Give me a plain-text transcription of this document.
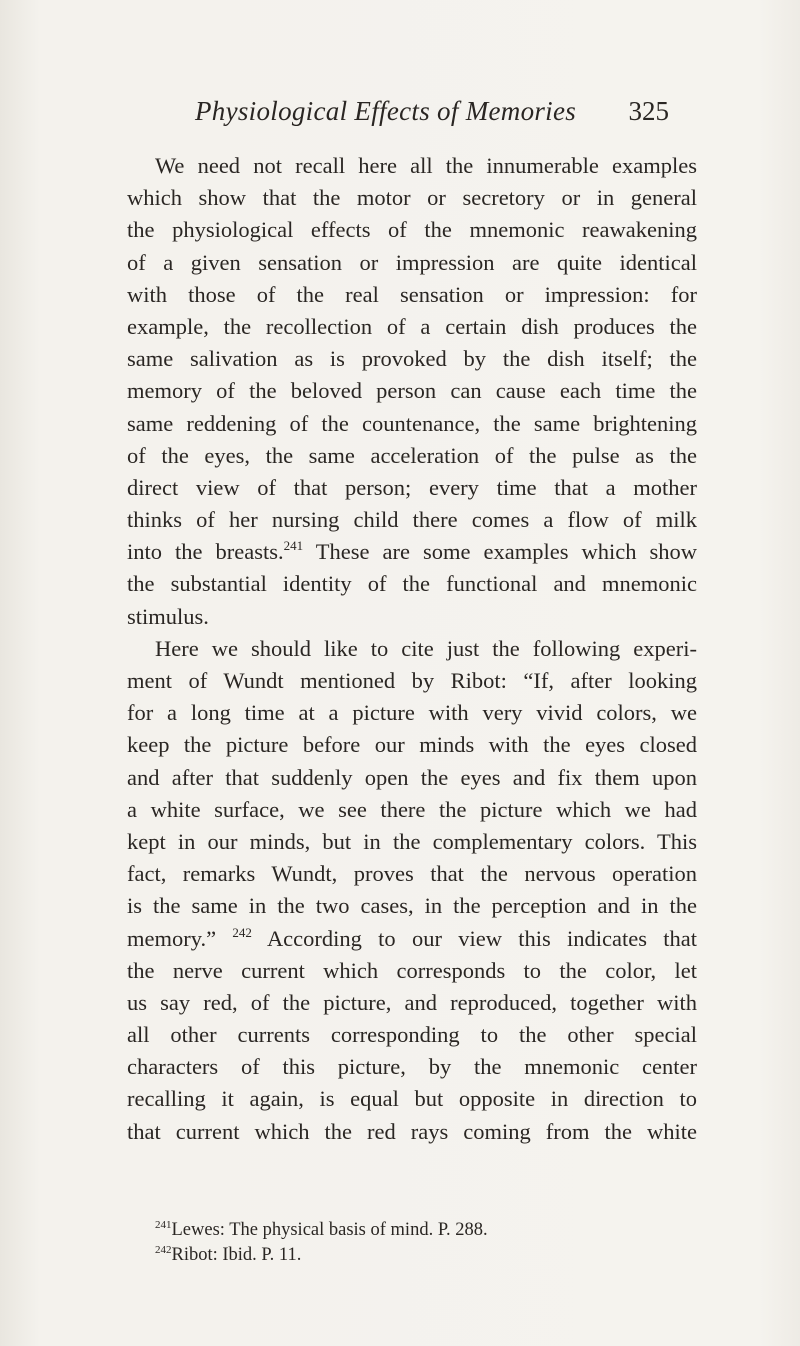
Physiological Effects of Memories 325
We need not recall here all the innumerable examples
which show that the motor or secretory or in general
the physiological effects of the mnemonic reawakening
of a given sensation or impression are quite identical
with those of the real sensation or impression: for
example, the recollection of a certain dish produces the
same salivation as is provoked by the dish itself; the
memory of the beloved person can cause each time the
same reddening of the countenance, the same brightening
of the eyes, the same acceleration of the pulse as the
direct view of that person; every time that a mother
thinks of her nursing child there comes a flow of milk
into the breasts.$^{241}$ These are some examples which show
the substantial identity of the functional and mnemonic
stimulus.
Here we should like to cite just the following experi-
ment of Wundt mentioned by Ribot: “If, after looking
for a long time at a picture with very vivid colors, we
keep the picture before our minds with the eyes closed
and after that suddenly open the eyes and fix them upon
a white surface, we see there the picture which we had
kept in our minds, but in the complementary colors. This
fact, remarks Wundt, proves that the nervous operation
is the same in the two cases, in the perception and in the
memory.” $^{242}$ According to our view this indicates that
the nerve current which corresponds to the color, let
us say red, of the picture, and reproduced, together with
all other currents corresponding to the other special
characters of this picture, by the mnemonic center
recalling it again, is equal but opposite in direction to
that current which the red rays coming from the white
$^{241}$Lewes: The physical basis of mind. P. 288.
$^{242}$Ribot: Ibid. P. 11.
